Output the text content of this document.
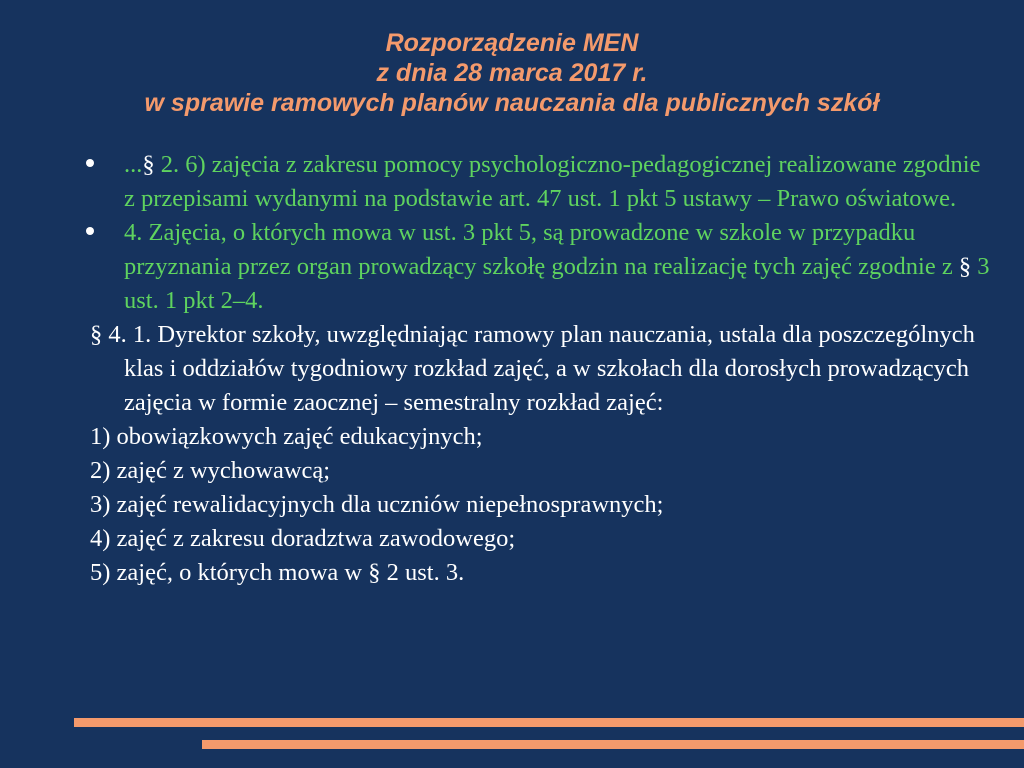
Rozporządzenie MEN
z dnia 28 marca 2017 r.
w sprawie ramowych planów nauczania dla publicznych szkół
...§ 2. 6) zajęcia z zakresu pomocy psychologiczno-pedagogicznej realizowane zgodnie z przepisami wydanymi na podstawie art. 47 ust. 1 pkt 5 ustawy – Prawo oświatowe.
4. Zajęcia, o których mowa w ust. 3 pkt 5, są prowadzone w szkole w przypadku przyznania przez organ prowadzący szkołę godzin na realizację tych zajęć zgodnie z § 3 ust. 1 pkt 2–4.
§ 4. 1. Dyrektor szkoły, uwzględniając ramowy plan nauczania, ustala dla poszczególnych klas i oddziałów tygodniowy rozkład zajęć, a w szkołach dla dorosłych prowadzących zajęcia w formie zaocznej – semestralny rozkład zajęć:
1) obowiązkowych zajęć edukacyjnych;
2) zajęć z wychowawcą;
3) zajęć rewalidacyjnych dla uczniów niepełnosprawnych;
4) zajęć z zakresu doradztwa zawodowego;
5) zajęć, o których mowa w § 2 ust. 3.
